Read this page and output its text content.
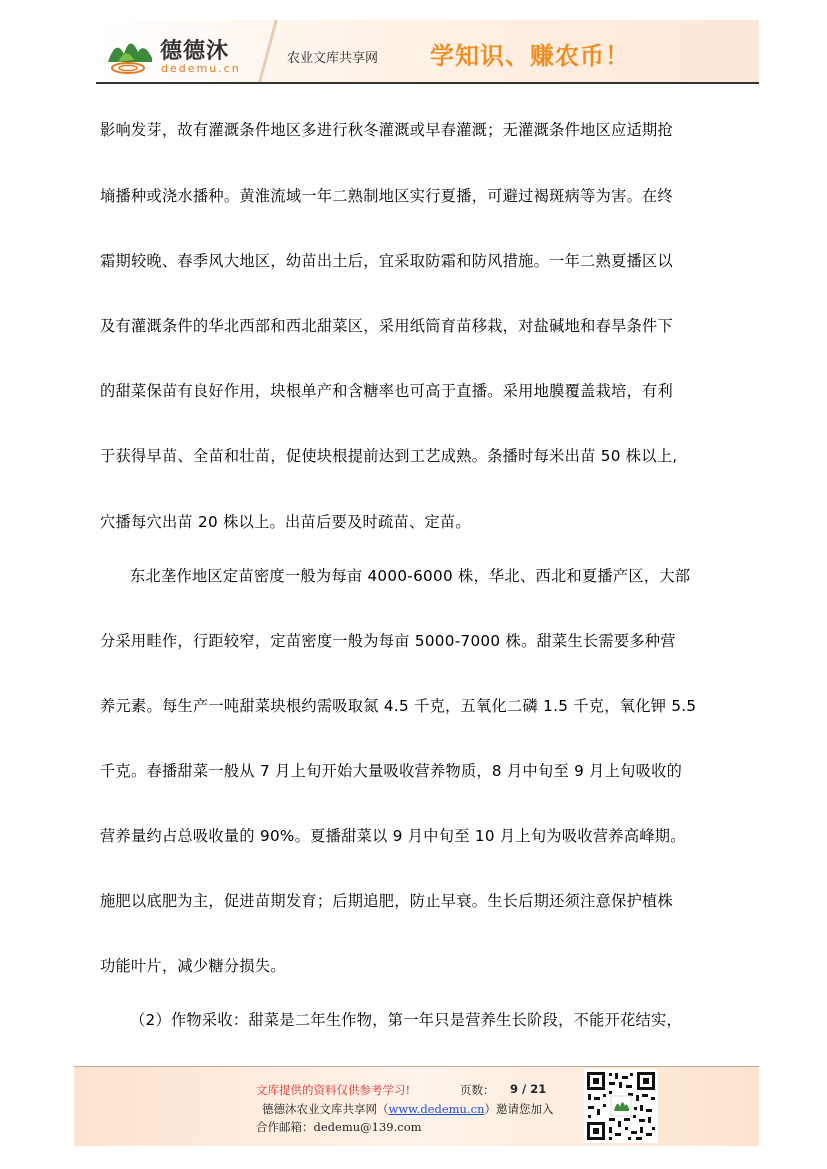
德德沐
dedemu.cn
农业文库共享网 学知识、赚农币！
影响发芽，故有灌溉条件地区多进行秋冬灌溉或早春灌溉；无灌溉条件地区应适期抢
墒播种或浇水播种。黄淮流域一年二熟制地区实行夏播，可避过褐斑病等为害。在终
霜期较晚、春季风大地区，幼苗出土后，宜采取防霜和防风措施。一年二熟夏播区以
及有灌溉条件的华北西部和西北甜菜区，采用纸筒育苗移栽，对盐碱地和春旱条件下
的甜菜保苗有良好作用，块根单产和含糖率也可高于直播。采用地膜覆盖栽培，有利
于获得早苗、全苗和壮苗，促使块根提前达到工艺成熟。条播时每米出苗 50 株以上,
穴播每穴出苗 20 株以上。出苗后要及时疏苗、定苗。
东北垄作地区定苗密度一般为每亩 4000-6000 株，华北、西北和夏播产区，大部
分采用畦作，行距较窄，定苗密度一般为每亩 5000-7000 株。甜菜生长需要多种营
养元素。每生产一吨甜菜块根约需吸取氮 4.5 千克，五氧化二磷 1.5 千克，氧化钾 5.5
千克。春播甜菜一般从 7 月上旬开始大量吸收营养物质，8 月中旬至 9 月上旬吸收的
营养量约占总吸收量的 90%。夏播甜菜以 9 月中旬至 10 月上旬为吸收营养高峰期。
施肥以底肥为主，促进苗期发育；后期追肥，防止早衰。生长后期还须注意保护植株
功能叶片，减少糖分损失。
（2）作物采收：甜菜是二年生作物，第一年只是营养生长阶段，不能开花结实，
文库提供的资料仅供参考学习!	页数： 9 / 21
德德沐农业文库共享网（www.dedemu.cn）邀请您加入
合作邮箱：dedemu@139.com
